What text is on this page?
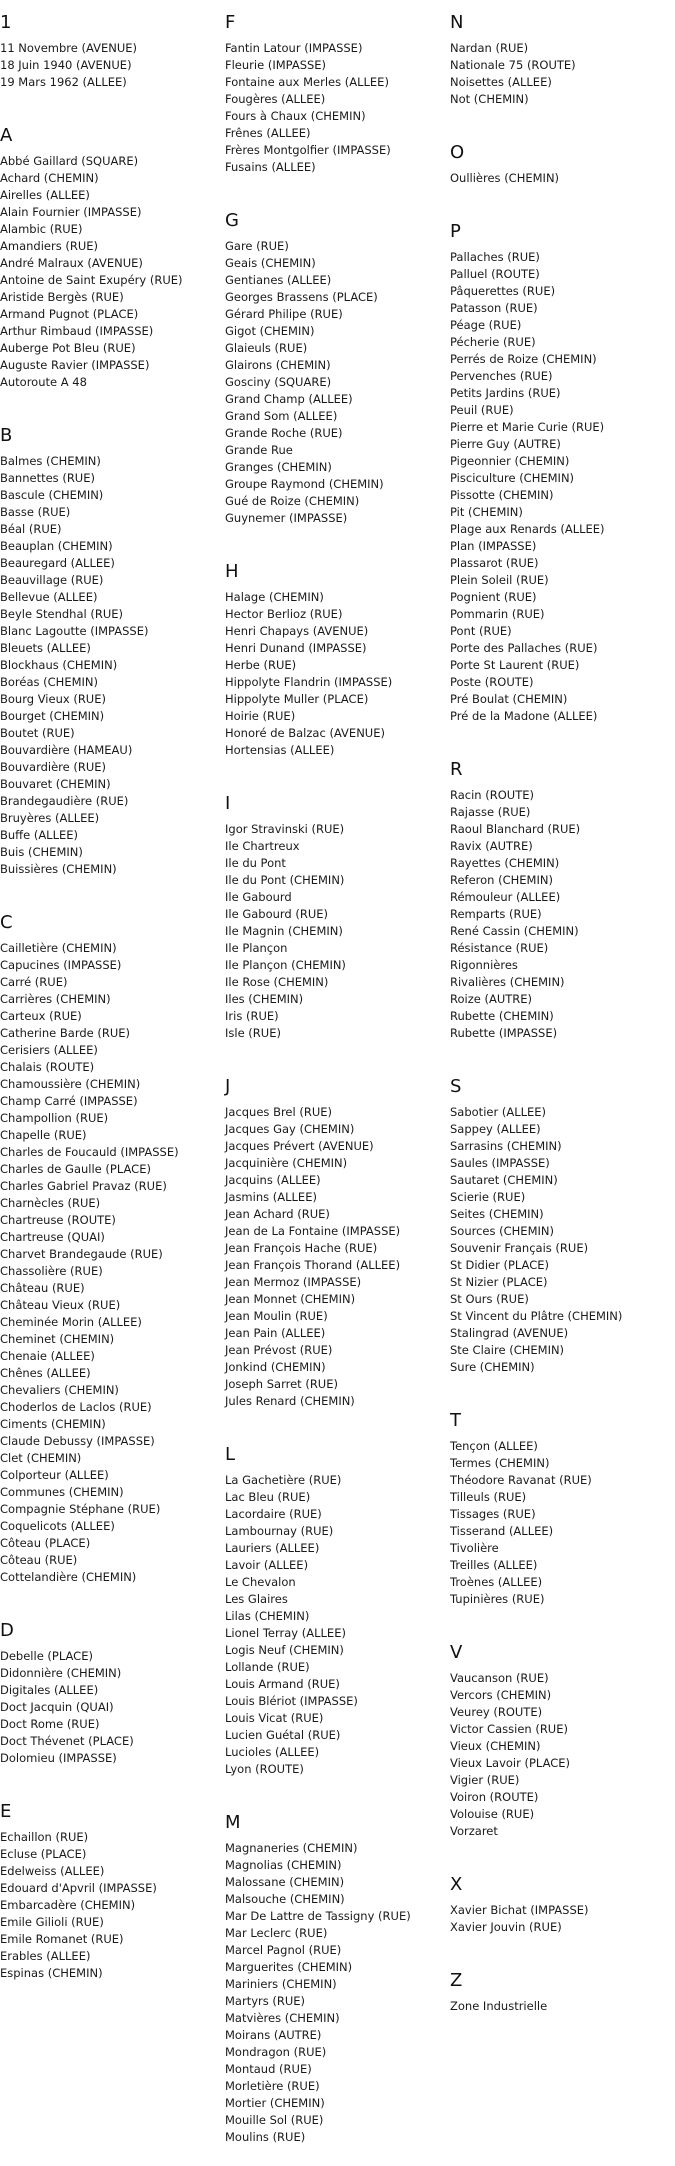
1
11 Novembre (AVENUE)
18 Juin 1940 (AVENUE)
19 Mars 1962 (ALLEE)
A
Abbé Gaillard (SQUARE)
Achard (CHEMIN)
Airelles (ALLEE)
Alain Fournier (IMPASSE)
Alambic (RUE)
Amandiers (RUE)
André Malraux (AVENUE)
Antoine de Saint Exupéry (RUE)
Aristide Bergès (RUE)
Armand Pugnot (PLACE)
Arthur Rimbaud (IMPASSE)
Auberge Pot Bleu (RUE)
Auguste Ravier (IMPASSE)
Autoroute A 48
B
Balmes (CHEMIN)
Bannettes (RUE)
Bascule (CHEMIN)
Basse (RUE)
Béal (RUE)
Beauplan (CHEMIN)
Beauregard (ALLEE)
Beauvillage (RUE)
Bellevue (ALLEE)
Beyle Stendhal (RUE)
Blanc Lagoutte (IMPASSE)
Bleuets (ALLEE)
Blockhaus (CHEMIN)
Boréas (CHEMIN)
Bourg Vieux (RUE)
Bourget (CHEMIN)
Boutet (RUE)
Bouvardière (HAMEAU)
Bouvardière (RUE)
Bouvaret (CHEMIN)
Brandegaudière (RUE)
Bruyères (ALLEE)
Buffe (ALLEE)
Buis (CHEMIN)
Buissières (CHEMIN)
C
Cailletière (CHEMIN)
Capucines (IMPASSE)
Carré (RUE)
Carrières (CHEMIN)
Carteux (RUE)
Catherine Barde (RUE)
Cerisiers (ALLEE)
Chalais (ROUTE)
Chamoussière (CHEMIN)
Champ Carré (IMPASSE)
Champollion (RUE)
Chapelle (RUE)
Charles de Foucauld (IMPASSE)
Charles de Gaulle (PLACE)
Charles Gabriel Pravaz (RUE)
Charnècles (RUE)
Chartreuse (ROUTE)
Chartreuse (QUAI)
Charvet Brandegaude (RUE)
Chassolière (RUE)
Château (RUE)
Château Vieux (RUE)
Cheminée Morin (ALLEE)
Cheminet (CHEMIN)
Chenaie (ALLEE)
Chênes (ALLEE)
Chevaliers (CHEMIN)
Choderlos de Laclos (RUE)
Ciments (CHEMIN)
Claude Debussy (IMPASSE)
Clet (CHEMIN)
Colporteur (ALLEE)
Communes (CHEMIN)
Compagnie Stéphane (RUE)
Coquelicots (ALLEE)
Côteau (PLACE)
Côteau (RUE)
Cottelandière (CHEMIN)
D
Debelle (PLACE)
Didonnière (CHEMIN)
Digitales (ALLEE)
Doct Jacquin (QUAI)
Doct Rome (RUE)
Doct Thévenet (PLACE)
Dolomieu (IMPASSE)
E
Echaillon (RUE)
Ecluse (PLACE)
Edelweiss (ALLEE)
Edouard d'Apvril (IMPASSE)
Embarcadère (CHEMIN)
Emile Gilioli (RUE)
Emile Romanet (RUE)
Erables (ALLEE)
Espinas (CHEMIN)
F
Fantin Latour (IMPASSE)
Fleurie (IMPASSE)
Fontaine aux Merles (ALLEE)
Fougères (ALLEE)
Fours à Chaux (CHEMIN)
Frênes (ALLEE)
Frères Montgolfier (IMPASSE)
Fusains (ALLEE)
G
Gare (RUE)
Geais (CHEMIN)
Gentianes (ALLEE)
Georges Brassens (PLACE)
Gérard Philipe (RUE)
Gigot (CHEMIN)
Glaieuls (RUE)
Glairons (CHEMIN)
Gosciny (SQUARE)
Grand Champ (ALLEE)
Grand Som (ALLEE)
Grande Roche (RUE)
Grande Rue
Granges (CHEMIN)
Groupe Raymond (CHEMIN)
Gué de Roize (CHEMIN)
Guynemer (IMPASSE)
H
Halage (CHEMIN)
Hector Berlioz (RUE)
Henri Chapays (AVENUE)
Henri Dunand (IMPASSE)
Herbe (RUE)
Hippolyte Flandrin (IMPASSE)
Hippolyte Muller (PLACE)
Hoirie (RUE)
Honoré de Balzac (AVENUE)
Hortensias (ALLEE)
I
Igor Stravinski (RUE)
Ile Chartreux
Ile du Pont
Ile du Pont (CHEMIN)
Ile Gabourd
Ile Gabourd (RUE)
Ile Magnin (CHEMIN)
Ile Plançon
Ile Plançon (CHEMIN)
Ile Rose (CHEMIN)
Iles (CHEMIN)
Iris (RUE)
Isle (RUE)
J
Jacques Brel (RUE)
Jacques Gay (CHEMIN)
Jacques Prévert (AVENUE)
Jacquinière (CHEMIN)
Jacquins (ALLEE)
Jasmins (ALLEE)
Jean Achard (RUE)
Jean de La Fontaine (IMPASSE)
Jean François Hache (RUE)
Jean François Thorand (ALLEE)
Jean Mermoz (IMPASSE)
Jean Monnet (CHEMIN)
Jean Moulin (RUE)
Jean Pain (ALLEE)
Jean Prévost (RUE)
Jonkind (CHEMIN)
Joseph Sarret (RUE)
Jules Renard (CHEMIN)
L
La Gachetière (RUE)
Lac Bleu (RUE)
Lacordaire (RUE)
Lambournay (RUE)
Lauriers (ALLEE)
Lavoir (ALLEE)
Le Chevalon
Les Glaires
Lilas (CHEMIN)
Lionel Terray (ALLEE)
Logis Neuf (CHEMIN)
Lollande (RUE)
Louis Armand (RUE)
Louis Blériot (IMPASSE)
Louis Vicat (RUE)
Lucien Guétal (RUE)
Lucioles (ALLEE)
Lyon (ROUTE)
M
Magnaneries (CHEMIN)
Magnolias (CHEMIN)
Malossane (CHEMIN)
Malsouche (CHEMIN)
Mar De Lattre de Tassigny (RUE)
Mar Leclerc (RUE)
Marcel Pagnol (RUE)
Marguerites (CHEMIN)
Mariniers (CHEMIN)
Martyrs (RUE)
Matvières (CHEMIN)
Moirans (AUTRE)
Mondragon (RUE)
Montaud (RUE)
Morletière (RUE)
Mortier (CHEMIN)
Mouille Sol (RUE)
Moulins (RUE)
N
Nardan (RUE)
Nationale 75 (ROUTE)
Noisettes (ALLEE)
Not (CHEMIN)
O
Oullières (CHEMIN)
P
Pallaches (RUE)
Palluel (ROUTE)
Pâquerettes (RUE)
Patasson (RUE)
Péage (RUE)
Pécherie (RUE)
Perrés de Roize (CHEMIN)
Pervenches (RUE)
Petits Jardins (RUE)
Peuil (RUE)
Pierre et Marie Curie (RUE)
Pierre Guy (AUTRE)
Pigeonnier (CHEMIN)
Pisciculture (CHEMIN)
Pissotte (CHEMIN)
Pit (CHEMIN)
Plage aux Renards (ALLEE)
Plan (IMPASSE)
Plassarot (RUE)
Plein Soleil (RUE)
Pognient (RUE)
Pommarin (RUE)
Pont (RUE)
Porte des Pallaches (RUE)
Porte St Laurent (RUE)
Poste (ROUTE)
Pré Boulat (CHEMIN)
Pré de la Madone (ALLEE)
R
Racin (ROUTE)
Rajasse (RUE)
Raoul Blanchard (RUE)
Ravix (AUTRE)
Rayettes (CHEMIN)
Referon (CHEMIN)
Rémouleur (ALLEE)
Remparts (RUE)
René Cassin (CHEMIN)
Résistance (RUE)
Rigonnières
Rivalières (CHEMIN)
Roize (AUTRE)
Rubette (CHEMIN)
Rubette (IMPASSE)
S
Sabotier (ALLEE)
Sappey (ALLEE)
Sarrasins (CHEMIN)
Saules (IMPASSE)
Sautaret (CHEMIN)
Scierie (RUE)
Seites (CHEMIN)
Sources (CHEMIN)
Souvenir Français (RUE)
St Didier (PLACE)
St Nizier (PLACE)
St Ours (RUE)
St Vincent du Plâtre (CHEMIN)
Stalingrad (AVENUE)
Ste Claire (CHEMIN)
Sure (CHEMIN)
T
Tençon (ALLEE)
Termes (CHEMIN)
Théodore Ravanat (RUE)
Tilleuls (RUE)
Tissages (RUE)
Tisserand (ALLEE)
Tivolière
Treilles (ALLEE)
Troènes (ALLEE)
Tupinières (RUE)
V
Vaucanson (RUE)
Vercors (CHEMIN)
Veurey (ROUTE)
Victor Cassien (RUE)
Vieux (CHEMIN)
Vieux Lavoir (PLACE)
Vigier (RUE)
Voiron (ROUTE)
Volouise (RUE)
Vorzaret
X
Xavier Bichat (IMPASSE)
Xavier Jouvin (RUE)
Z
Zone Industrielle
